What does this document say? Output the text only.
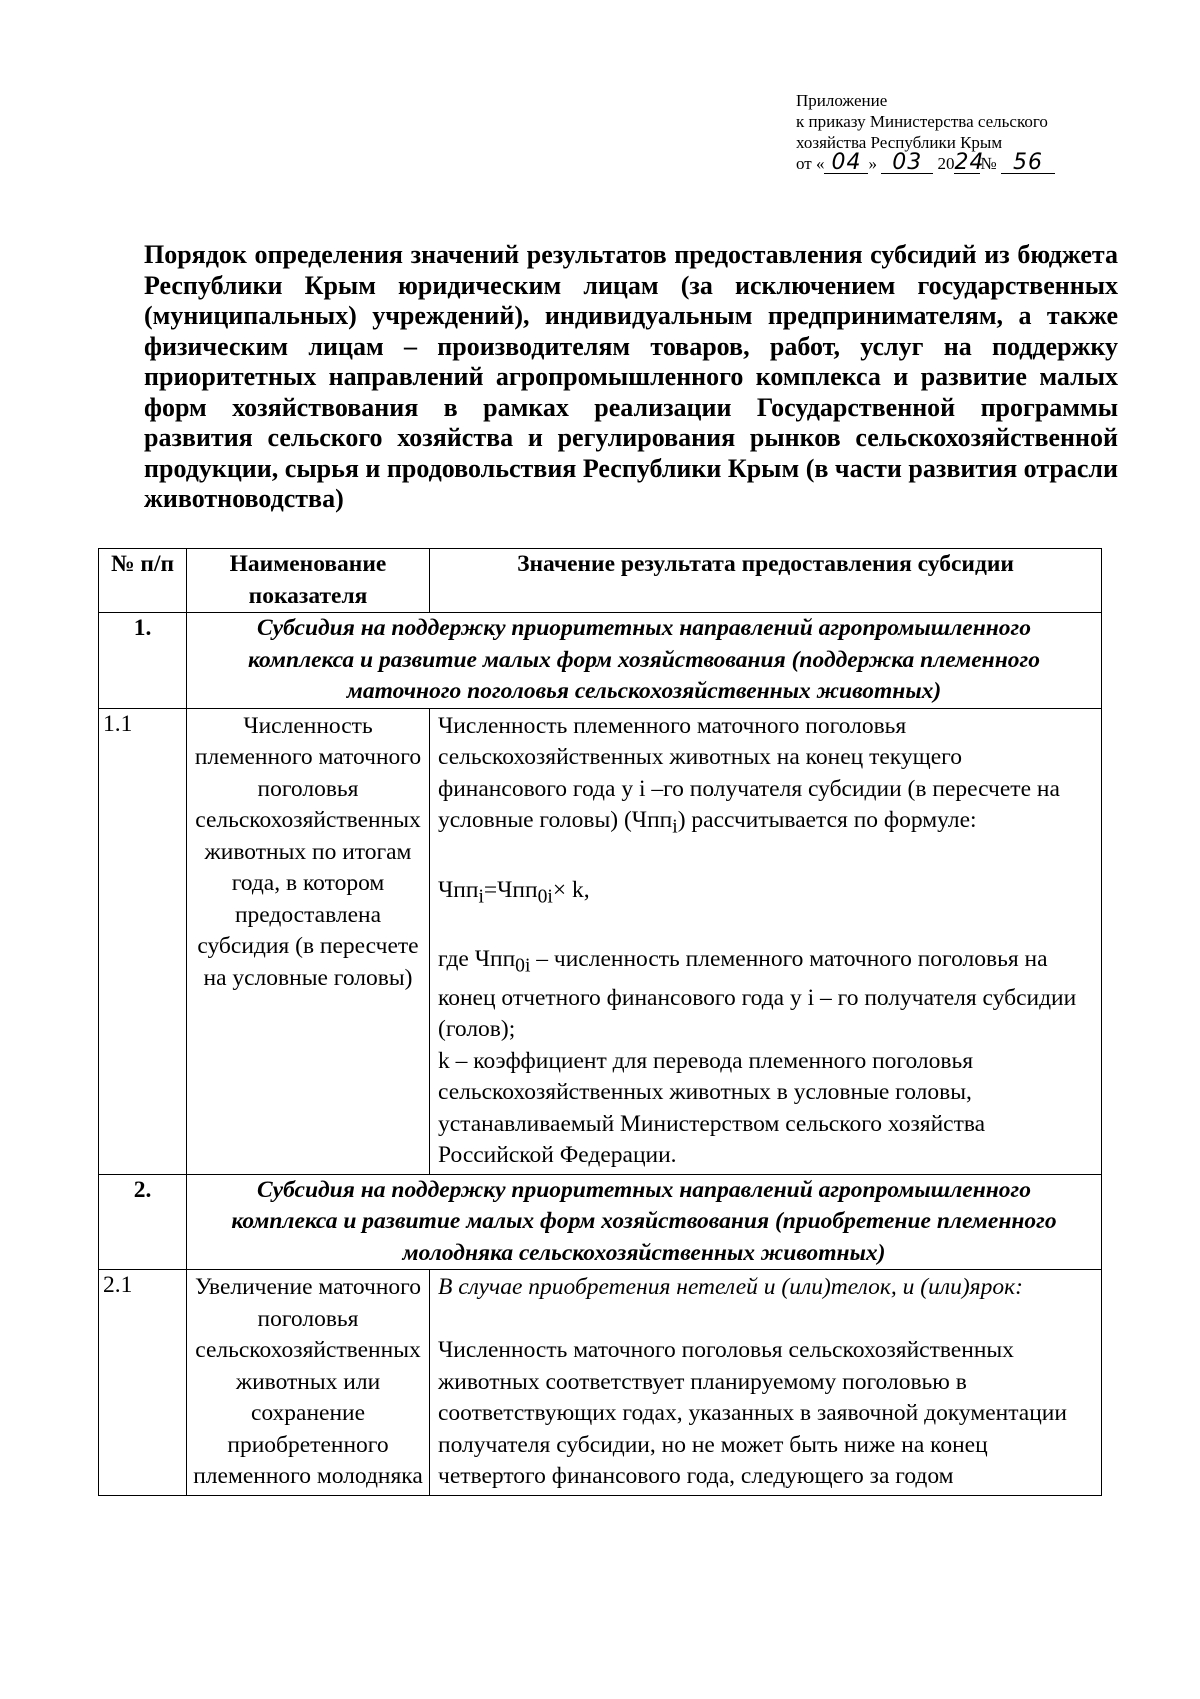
Приложение
к приказу Министерства сельского
хозяйства Республики Крым
от « 04 » 03 2024№ 56
Порядок определения значений результатов предоставления субсидий из бюджета Республики Крым юридическим лицам (за исключением государственных (муниципальных) учреждений), индивидуальным предпринимателям, а также физическим лицам – производителям товаров, работ, услуг на поддержку приоритетных направлений агропромышленного комплекса и развитие малых форм хозяйствования в рамках реализации Государственной программы развития сельского хозяйства и регулирования рынков сельскохозяйственной продукции, сырья и продовольствия Республики Крым (в части развития отрасли животноводства)
№ п/п	Наименование показателя	Значение результата предоставления субсидии
1.	Субсидия на поддержку приоритетных направлений агропромышленного комплекса и развитие малых форм хозяйствования (поддержка племенного маточного поголовья сельскохозяйственных животных)	
1.1	Численность племенного маточного поголовья сельскохозяйственных животных по итогам года, в котором предоставлена субсидия (в пересчете на условные головы)	Численность племенного маточного поголовья сельскохозяйственных животных на конец текущего финансового года у i –го получателя субсидии (в пересчете на условные головы) (Чпп$_i$) рассчитывается по формуле:

Чпп$_i$=Чпп$_{0i}$× k,

где Чпп$_{0i}$ – численность племенного маточного поголовья на конец отчетного финансового года у i – го получателя субсидии (голов);

k – коэффициент для перевода племенного поголовья сельскохозяйственных животных в условные головы, устанавливаемый Министерством сельского хозяйства Российской Федерации.

2.	Субсидия на поддержку приоритетных направлений агропромышленного комплекса и развитие малых форм хозяйствования (приобретение племенного молодняка сельскохозяйственных животных)	
2.1	Увеличение маточного поголовья сельскохозяйственных животных или сохранение приобретенного племенного молодняка	В случае приобретения нетелей и (или)телок, и (или)ярок:

Численность маточного поголовья сельскохозяйственных животных соответствует планируемому поголовью в соответствующих годах, указанных в заявочной документации получателя субсидии, но не может быть ниже на конец четвертого финансового года, следующего за годом
